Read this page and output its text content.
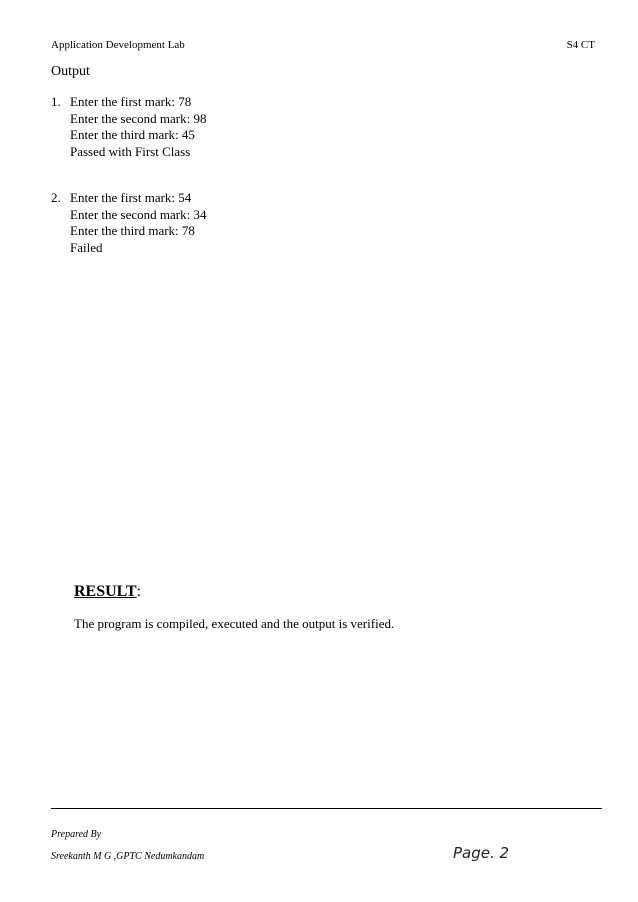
Application Development Lab	S4 CT
Output
1. Enter the first mark: 78
Enter the second mark: 98
Enter the third mark: 45
Passed with First Class
2. Enter the first mark: 54
Enter the second mark: 34
Enter the third mark: 78
Failed
RESULT:
The program is compiled, executed and the output is verified.
Prepared By
Sreekanth M G ,GPTC Nedumkandam	Page. 2
